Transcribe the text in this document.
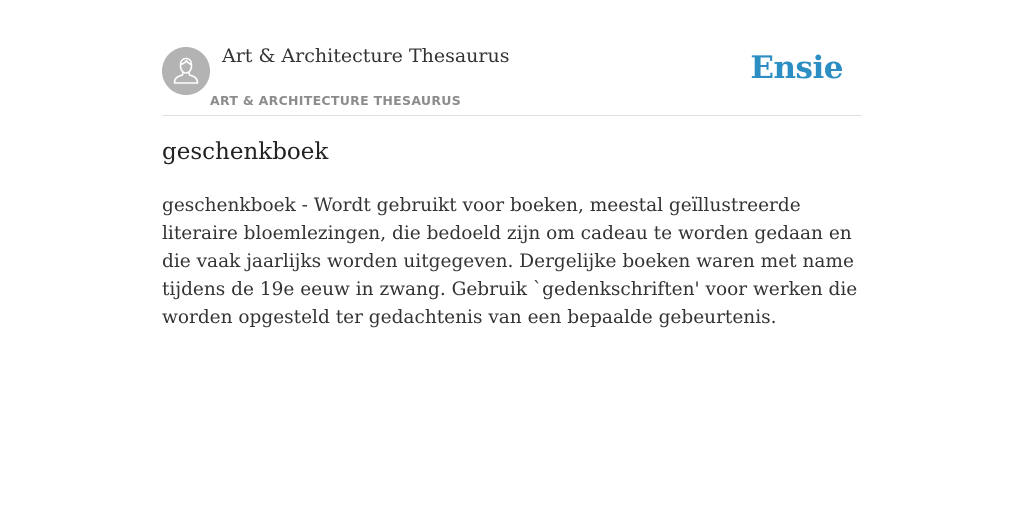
Art & Architecture Thesaurus
ART & ARCHITECTURE THESAURUS
Ensie
geschenkboek

geschenkboek - Wordt gebruikt voor boeken, meestal geïllustreerde literaire bloemlezingen, die bedoeld zijn om cadeau te worden gedaan en die vaak jaarlijks worden uitgegeven. Dergelijke boeken waren met name tijdens de 19e eeuw in zwang. Gebruik `gedenkschriften' voor werken die worden opgesteld ter gedachtenis van een bepaalde gebeurtenis.
